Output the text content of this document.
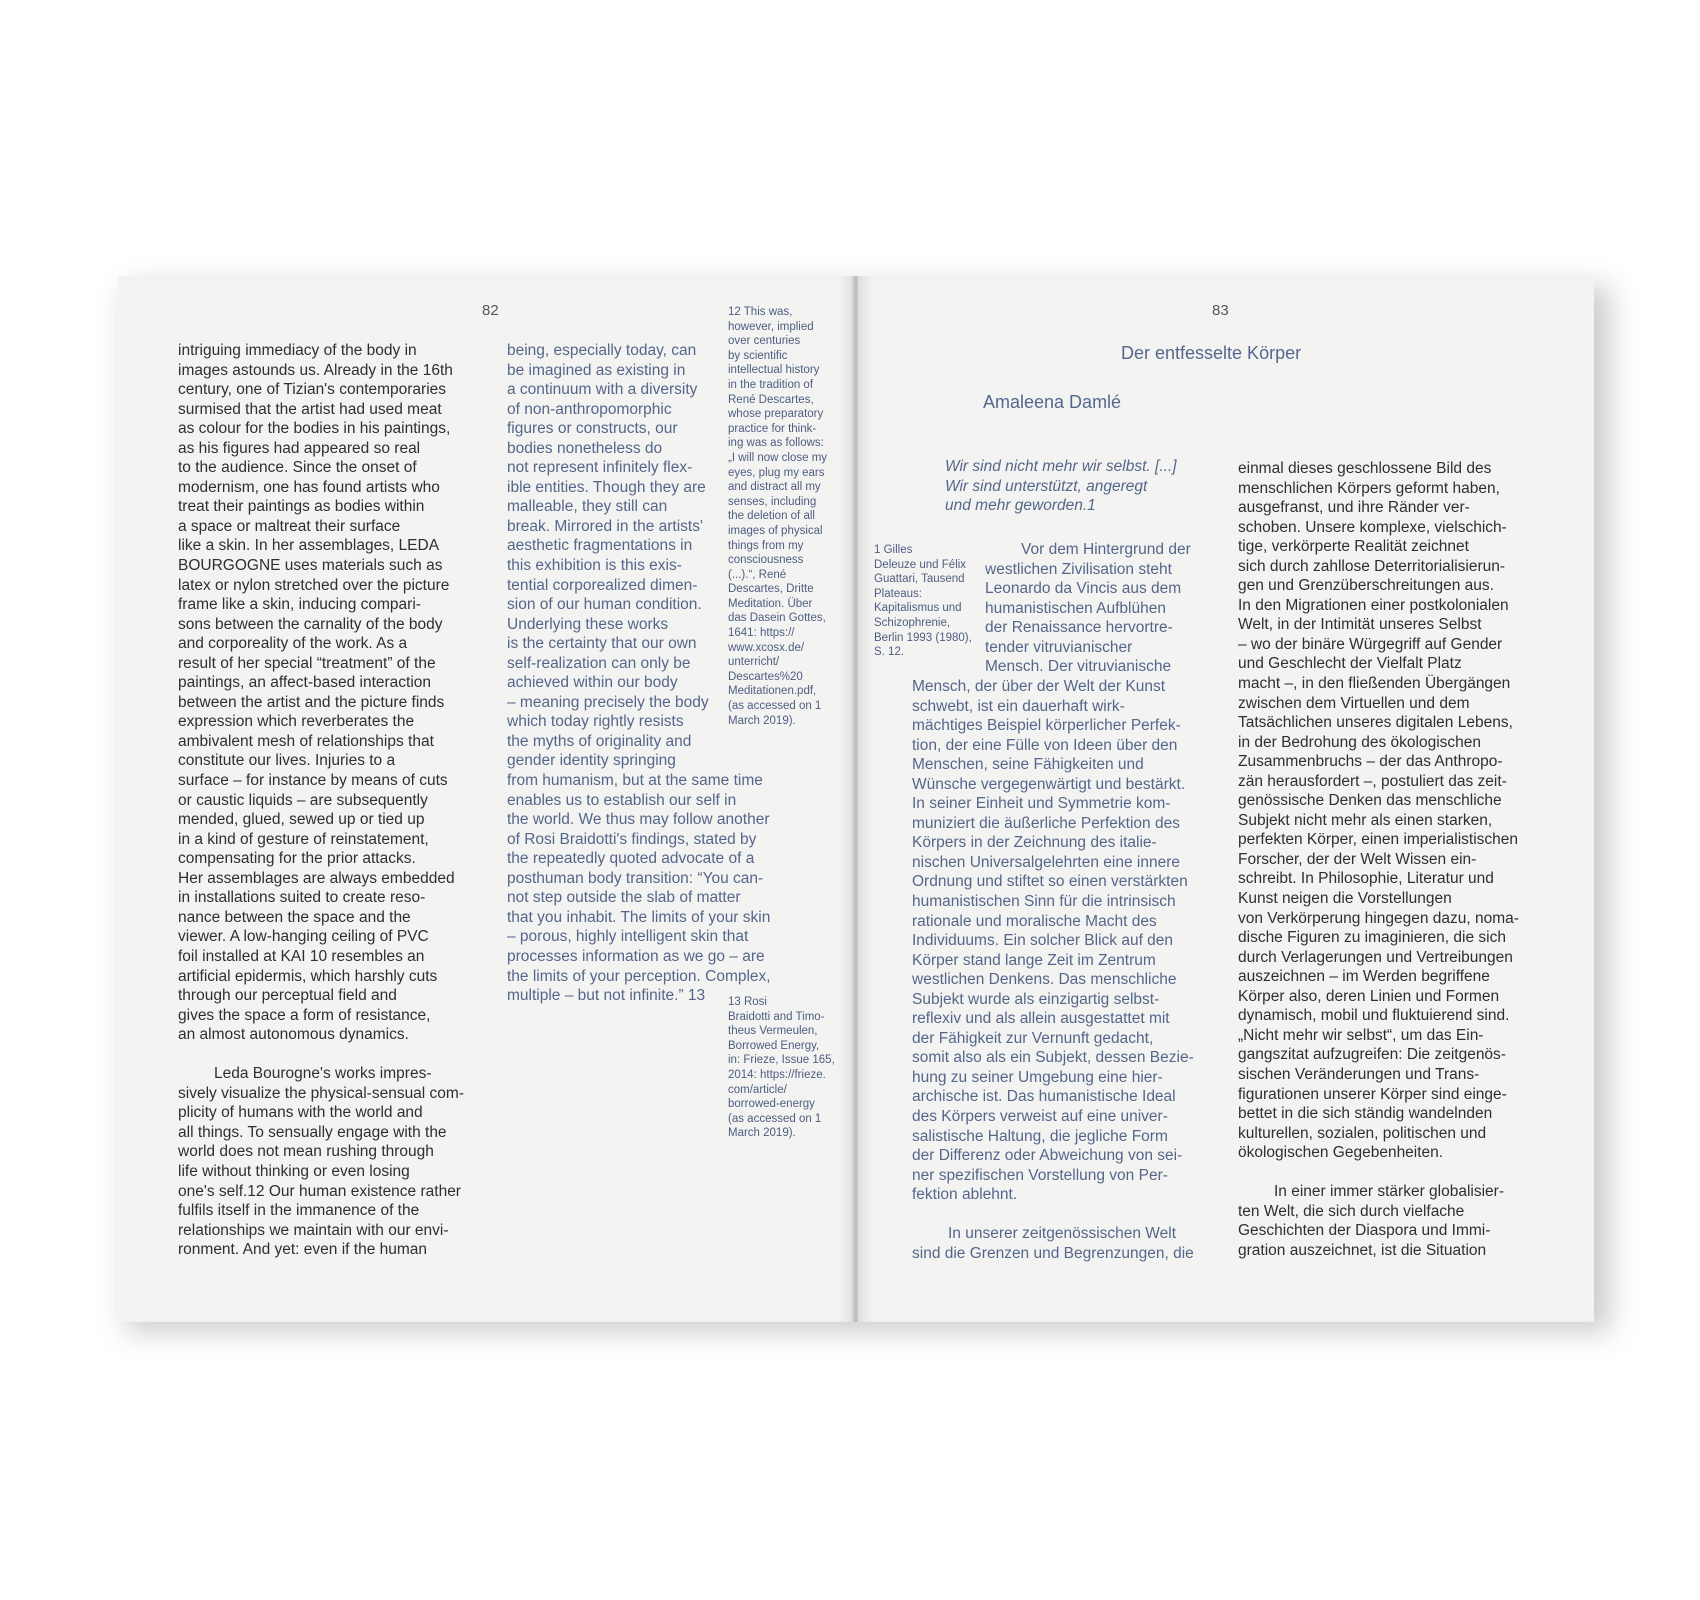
82
intriguing immediacy of the body in
images astounds us. Already in the 16th
century, one of Tizian's contemporaries
surmised that the artist had used meat
as colour for the bodies in his paintings,
as his figures had appeared so real
to the audience. Since the onset of
modernism, one has found artists who
treat their paintings as bodies within
a space or maltreat their surface
like a skin. In her assemblages, LEDA
BOURGOGNE uses materials such as
latex or nylon stretched over the picture
frame like a skin, inducing compari-
sons between the carnality of the body
and corporeality of the work. As a
result of her special “treatment” of the
paintings, an affect-based interaction
between the artist and the picture finds
expression which reverberates the
ambivalent mesh of relationships that
constitute our lives. Injuries to a
surface – for instance by means of cuts
or caustic liquids – are subsequently
mended, glued, sewed up or tied up
in a kind of gesture of reinstatement,
compensating for the prior attacks.
Her assemblages are always embedded
in installations suited to create reso-
nance between the space and the
viewer. A low-hanging ceiling of PVC
foil installed at KAI 10 resembles an
artificial epidermis, which harshly cuts
through our perceptual field and
gives the space a form of resistance,
an almost autonomous dynamics.
Leda Bourogne's works impres-
sively visualize the physical-sensual com-
plicity of humans with the world and
all things. To sensually engage with the
world does not mean rushing through
life without thinking or even losing
one's self.12 Our human existence rather
fulfils itself in the immanence of the
relationships we maintain with our envi-
ronment. And yet: even if the human
being, especially today, can
be imagined as existing in
a continuum with a diversity
of non-anthropomorphic
figures or constructs, our
bodies nonetheless do
not represent infinitely flex-
ible entities. Though they are
malleable, they still can
break. Mirrored in the artists'
aesthetic fragmentations in
this exhibition is this exis-
tential corporealized dimen-
sion of our human condition.
Underlying these works
is the certainty that our own
self-realization can only be
achieved within our body
– meaning precisely the body
which today rightly resists
the myths of originality and
gender identity springing
from humanism, but at the same time
enables us to establish our self in
the world. We thus may follow another
of Rosi Braidotti's findings, stated by
the repeatedly quoted advocate of a
posthuman body transition: “You can-
not step outside the slab of matter
that you inhabit. The limits of your skin
– porous, highly intelligent skin that
processes information as we go – are
the limits of your perception. Complex,
multiple – but not infinite.” 13
12 This was,
however, implied
over centuries
by scientific
intellectual history
in the tradition of
René Descartes,
whose preparatory
practice for think-
ing was as follows:
„I will now close my
eyes, plug my ears
and distract all my
senses, including
the deletion of all
images of physical
things from my
consciousness
(...).“, René
Descartes, Dritte
Meditation. Über
das Dasein Gottes,
1641: https://
www.xcosx.de/
unterricht/
Descartes%20
Meditationen.pdf,
(as accessed on 1
March 2019).
13 Rosi
Braidotti and Timo-
theus Vermeulen,
Borrowed Energy,
in: Frieze, Issue 165,
2014: https://frieze.
com/article/
borrowed-energy
(as accessed on 1
March 2019).
83
Der entfesselte Körper
Amaleena Damlé
Wir sind nicht mehr wir selbst. [...]
Wir sind unterstützt, angeregt
und mehr geworden.1
1 Gilles
Deleuze und Félix
Guattari, Tausend
Plateaus:
Kapitalismus und
Schizophrenie,
Berlin 1993 (1980),
S. 12.
Vor dem Hintergrund der
westlichen Zivilisation steht
Leonardo da Vincis aus dem
humanistischen Aufblühen
der Renaissance hervortre-
tender vitruvianischer
Mensch. Der vitruvianische
Mensch, der über der Welt der Kunst
schwebt, ist ein dauerhaft wirk-
mächtiges Beispiel körperlicher Perfek-
tion, der eine Fülle von Ideen über den
Menschen, seine Fähigkeiten und
Wünsche vergegenwärtigt und bestärkt.
In seiner Einheit und Symmetrie kom-
muniziert die äußerliche Perfektion des
Körpers in der Zeichnung des italie-
nischen Universalgelehrten eine innere
Ordnung und stiftet so einen verstärkten
humanistischen Sinn für die intrinsisch
rationale und moralische Macht des
Individuums. Ein solcher Blick auf den
Körper stand lange Zeit im Zentrum
westlichen Denkens. Das menschliche
Subjekt wurde als einzigartig selbst-
reflexiv und als allein ausgestattet mit
der Fähigkeit zur Vernunft gedacht,
somit also als ein Subjekt, dessen Bezie-
hung zu seiner Umgebung eine hier-
archische ist. Das humanistische Ideal
des Körpers verweist auf eine univer-
salistische Haltung, die jegliche Form
der Differenz oder Abweichung von sei-
ner spezifischen Vorstellung von Per-
fektion ablehnt.
In unserer zeitgenössischen Welt
sind die Grenzen und Begrenzungen, die
einmal dieses geschlossene Bild des
menschlichen Körpers geformt haben,
ausgefranst, und ihre Ränder ver-
schoben. Unsere komplexe, vielschich-
tige, verkörperte Realität zeichnet
sich durch zahllose Deterritorialisierun-
gen und Grenzüberschreitungen aus.
In den Migrationen einer postkolonialen
Welt, in der Intimität unseres Selbst
– wo der binäre Würgegriff auf Gender
und Geschlecht der Vielfalt Platz
macht –, in den fließenden Übergängen
zwischen dem Virtuellen und dem
Tatsächlichen unseres digitalen Lebens,
in der Bedrohung des ökologischen
Zusammenbruchs – der das Anthropo-
zän herausfordert –, postuliert das zeit-
genössische Denken das menschliche
Subjekt nicht mehr als einen starken,
perfekten Körper, einen imperialistischen
Forscher, der der Welt Wissen ein-
schreibt. In Philosophie, Literatur und
Kunst neigen die Vorstellungen
von Verkörperung hingegen dazu, noma-
dische Figuren zu imaginieren, die sich
durch Verlagerungen und Vertreibungen
auszeichnen – im Werden begriffene
Körper also, deren Linien und Formen
dynamisch, mobil und fluktuierend sind.
„Nicht mehr wir selbst“, um das Ein-
gangszitat aufzugreifen: Die zeitgenös-
sischen Veränderungen und Trans-
figurationen unserer Körper sind einge-
bettet in die sich ständig wandelnden
kulturellen, sozialen, politischen und
ökologischen Gegebenheiten.
In einer immer stärker globalisier-
ten Welt, die sich durch vielfache
Geschichten der Diaspora und Immi-
gration auszeichnet, ist die Situation
